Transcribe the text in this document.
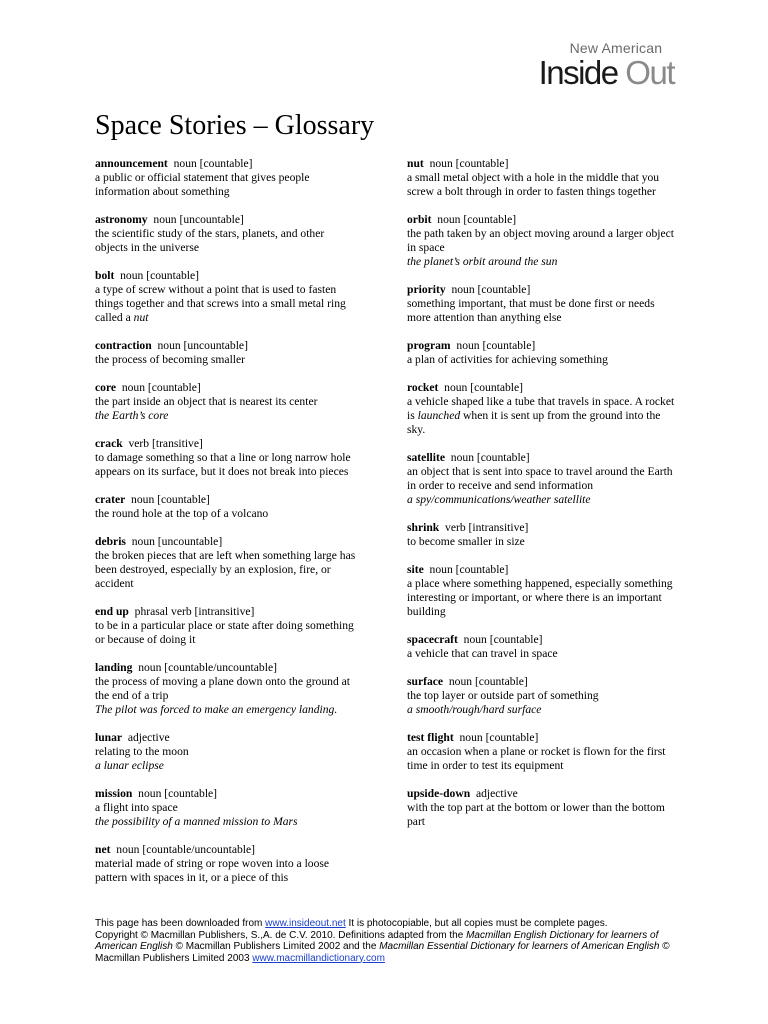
New American
Inside Out
Space Stories – Glossary
announcement noun [countable]
a public or official statement that gives people information about something
astronomy noun [uncountable]
the scientific study of the stars, planets, and other objects in the universe
bolt noun [countable]
a type of screw without a point that is used to fasten things together and that screws into a small metal ring called a nut
contraction noun [uncountable]
the process of becoming smaller
core noun [countable]
the part inside an object that is nearest its center
the Earth’s core
crack verb [transitive]
to damage something so that a line or long narrow hole appears on its surface, but it does not break into pieces
crater noun [countable]
the round hole at the top of a volcano
debris noun [uncountable]
the broken pieces that are left when something large has been destroyed, especially by an explosion, fire, or accident
end up phrasal verb [intransitive]
to be in a particular place or state after doing something or because of doing it
landing noun [countable/uncountable]
the process of moving a plane down onto the ground at the end of a trip
The pilot was forced to make an emergency landing.
lunar adjective
relating to the moon
a lunar eclipse
mission noun [countable]
a flight into space
the possibility of a manned mission to Mars
net noun [countable/uncountable]
material made of string or rope woven into a loose pattern with spaces in it, or a piece of this
nut noun [countable]
a small metal object with a hole in the middle that you screw a bolt through in order to fasten things together
orbit noun [countable]
the path taken by an object moving around a larger object in space
the planet’s orbit around the sun
priority noun [countable]
something important, that must be done first or needs more attention than anything else
program noun [countable]
a plan of activities for achieving something
rocket noun [countable]
a vehicle shaped like a tube that travels in space. A rocket is launched when it is sent up from the ground into the sky.
satellite noun [countable]
an object that is sent into space to travel around the Earth in order to receive and send information
a spy/communications/weather satellite
shrink verb [intransitive]
to become smaller in size
site noun [countable]
a place where something happened, especially something interesting or important, or where there is an important building
spacecraft noun [countable]
a vehicle that can travel in space
surface noun [countable]
the top layer or outside part of something
a smooth/rough/hard surface
test flight noun [countable]
an occasion when a plane or rocket is flown for the first time in order to test its equipment
upside-down adjective
with the top part at the bottom or lower than the bottom part
This page has been downloaded from www.insideout.net It is photocopiable, but all copies must be complete pages.
Copyright © Macmillan Publishers, S.,A. de C.V. 2010. Definitions adapted from the Macmillan English Dictionary for learners of American English © Macmillan Publishers Limited 2002 and the Macmillan Essential Dictionary for learners of American English © Macmillan Publishers Limited 2003 www.macmillandictionary.com
